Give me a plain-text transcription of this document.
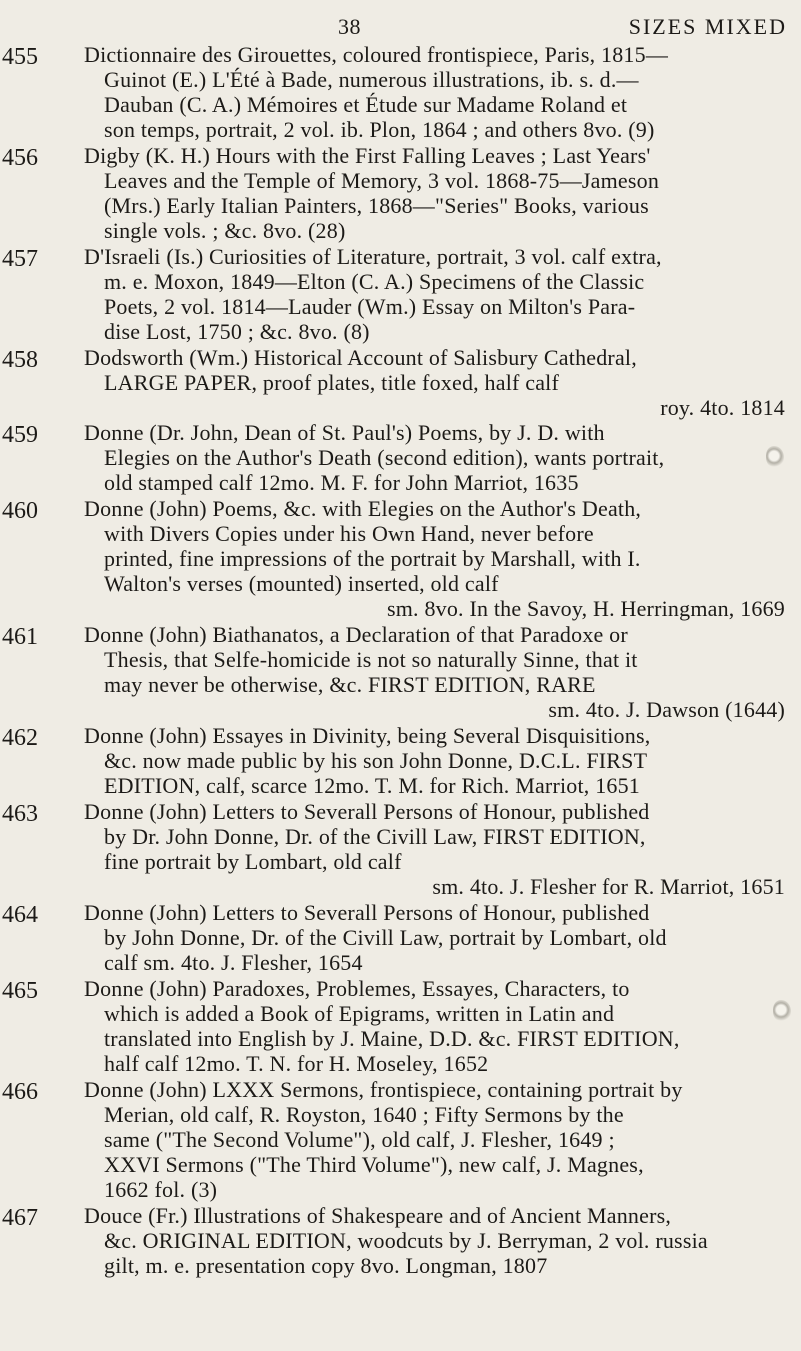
38	SIZES MIXED
455	Dictionnaire des Girouettes, coloured frontispiece, Paris, 1815—
Guinot (E.) L'Été à Bade, numerous illustrations, ib. s. d.—
Dauban (C. A.) Mémoires et Étude sur Madame Roland et
son temps, portrait, 2 vol. ib. Plon, 1864 ; and others 8vo. (9)
456	Digby (K. H.) Hours with the First Falling Leaves ; Last Years'
Leaves and the Temple of Memory, 3 vol. 1868-75—Jameson
(Mrs.) Early Italian Painters, 1868—"Series" Books, various
single vols. ; &c. 8vo. (28)
457	D'Israeli (Is.) Curiosities of Literature, portrait, 3 vol. calf extra,
m. e. Moxon, 1849—Elton (C. A.) Specimens of the Classic
Poets, 2 vol. 1814—Lauder (Wm.) Essay on Milton's Para-
dise Lost, 1750 ; &c. 8vo. (8)
458	Dodsworth (Wm.) Historical Account of Salisbury Cathedral,
LARGE PAPER, proof plates, title foxed, half calf
roy. 4to. 1814
459	Donne (Dr. John, Dean of St. Paul's) Poems, by J. D. with
Elegies on the Author's Death (second edition), wants portrait,
old stamped calf 12mo. M. F. for John Marriot, 1635
460	Donne (John) Poems, &c. with Elegies on the Author's Death,
with Divers Copies under his Own Hand, never before
printed, fine impressions of the portrait by Marshall, with I.
Walton's verses (mounted) inserted, old calf
sm. 8vo. In the Savoy, H. Herringman, 1669
461	Donne (John) Biathanatos, a Declaration of that Paradoxe or
Thesis, that Selfe-homicide is not so naturally Sinne, that it
may never be otherwise, &c. FIRST EDITION, RARE
sm. 4to. J. Dawson (1644)
462	Donne (John) Essayes in Divinity, being Several Disquisitions,
&c. now made public by his son John Donne, D.C.L. FIRST
EDITION, calf, scarce 12mo. T. M. for Rich. Marriot, 1651
463	Donne (John) Letters to Severall Persons of Honour, published
by Dr. John Donne, Dr. of the Civill Law, FIRST EDITION,
fine portrait by Lombart, old calf
sm. 4to. J. Flesher for R. Marriot, 1651
464	Donne (John) Letters to Severall Persons of Honour, published
by John Donne, Dr. of the Civill Law, portrait by Lombart, old
calf sm. 4to. J. Flesher, 1654
465	Donne (John) Paradoxes, Problemes, Essayes, Characters, to
which is added a Book of Epigrams, written in Latin and
translated into English by J. Maine, D.D. &c. FIRST EDITION,
half calf 12mo. T. N. for H. Moseley, 1652
466	Donne (John) LXXX Sermons, frontispiece, containing portrait by
Merian, old calf, R. Royston, 1640 ; Fifty Sermons by the
same ("The Second Volume"), old calf, J. Flesher, 1649 ;
XXVI Sermons ("The Third Volume"), new calf, J. Magnes,
1662 fol. (3)
467	Douce (Fr.) Illustrations of Shakespeare and of Ancient Manners,
&c. ORIGINAL EDITION, woodcuts by J. Berryman, 2 vol. russia
gilt, m. e. presentation copy 8vo. Longman, 1807
